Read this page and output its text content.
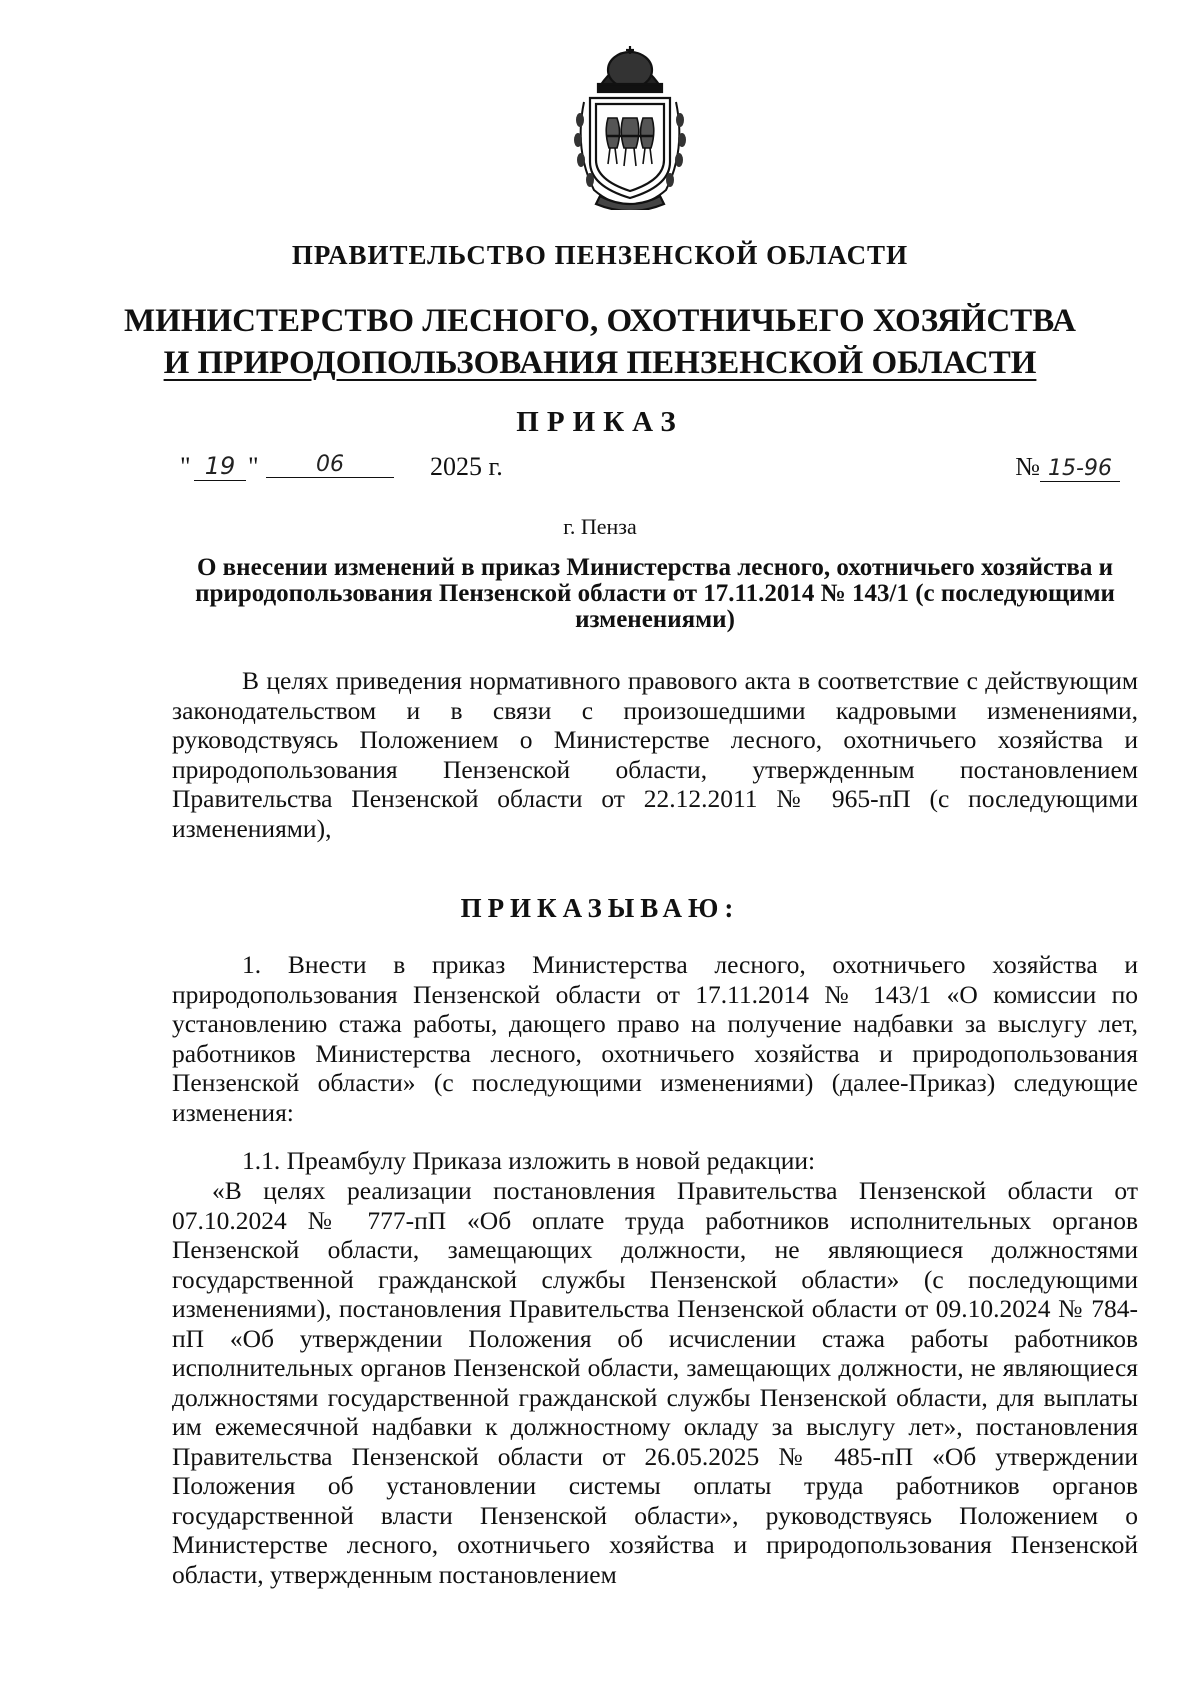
ПРАВИТЕЛЬСТВО ПЕНЗЕНСКОЙ ОБЛАСТИ
МИНИСТЕРСТВО ЛЕСНОГО, ОХОТНИЧЬЕГО ХОЗЯЙСТВА
И ПРИРОДОПОЛЬЗОВАНИЯ ПЕНЗЕНСКОЙ ОБЛАСТИ
ПРИКАЗ
" 19 "	06	2025 г.	№ 15-96
г. Пенза
О внесении изменений в приказ Министерства лесного, охотничьего хозяйства и природопользования Пензенской области от 17.11.2014 № 143/1 (с последующими изменениями)
В целях приведения нормативного правового акта в соответствие с действующим законодательством и в связи с произошедшими кадровыми изменениями, руководствуясь Положением о Министерстве лесного, охотничьего хозяйства и природопользования Пензенской области, утвержденным постановлением Правительства Пензенской области от 22.12.2011 № 965-пП (с последующими изменениями),
ПРИКАЗЫВАЮ:
1. Внести в приказ Министерства лесного, охотничьего хозяйства и природопользования Пензенской области от 17.11.2014 № 143/1 «О комиссии по установлению стажа работы, дающего право на получение надбавки за выслугу лет, работников Министерства лесного, охотничьего хозяйства и природопользования Пензенской области» (с последующими изменениями) (далее-Приказ) следующие изменения:
1.1. Преамбулу Приказа изложить в новой редакции:
«В целях реализации постановления Правительства Пензенской области от 07.10.2024 № 777-пП «Об оплате труда работников исполнительных органов Пензенской области, замещающих должности, не являющиеся должностями государственной гражданской службы Пензенской области» (с последующими изменениями), постановления Правительства Пензенской области от 09.10.2024 № 784-пП «Об утверждении Положения об исчислении стажа работы работников исполнительных органов Пензенской области, замещающих должности, не являющиеся должностями государственной гражданской службы Пензенской области, для выплаты им ежемесячной надбавки к должностному окладу за выслугу лет», постановления Правительства Пензенской области от 26.05.2025 № 485-пП «Об утверждении Положения об установлении системы оплаты труда работников органов государственной власти Пензенской области», руководствуясь Положением о Министерстве лесного, охотничьего хозяйства и природопользования Пензенской области, утвержденным постановлением
